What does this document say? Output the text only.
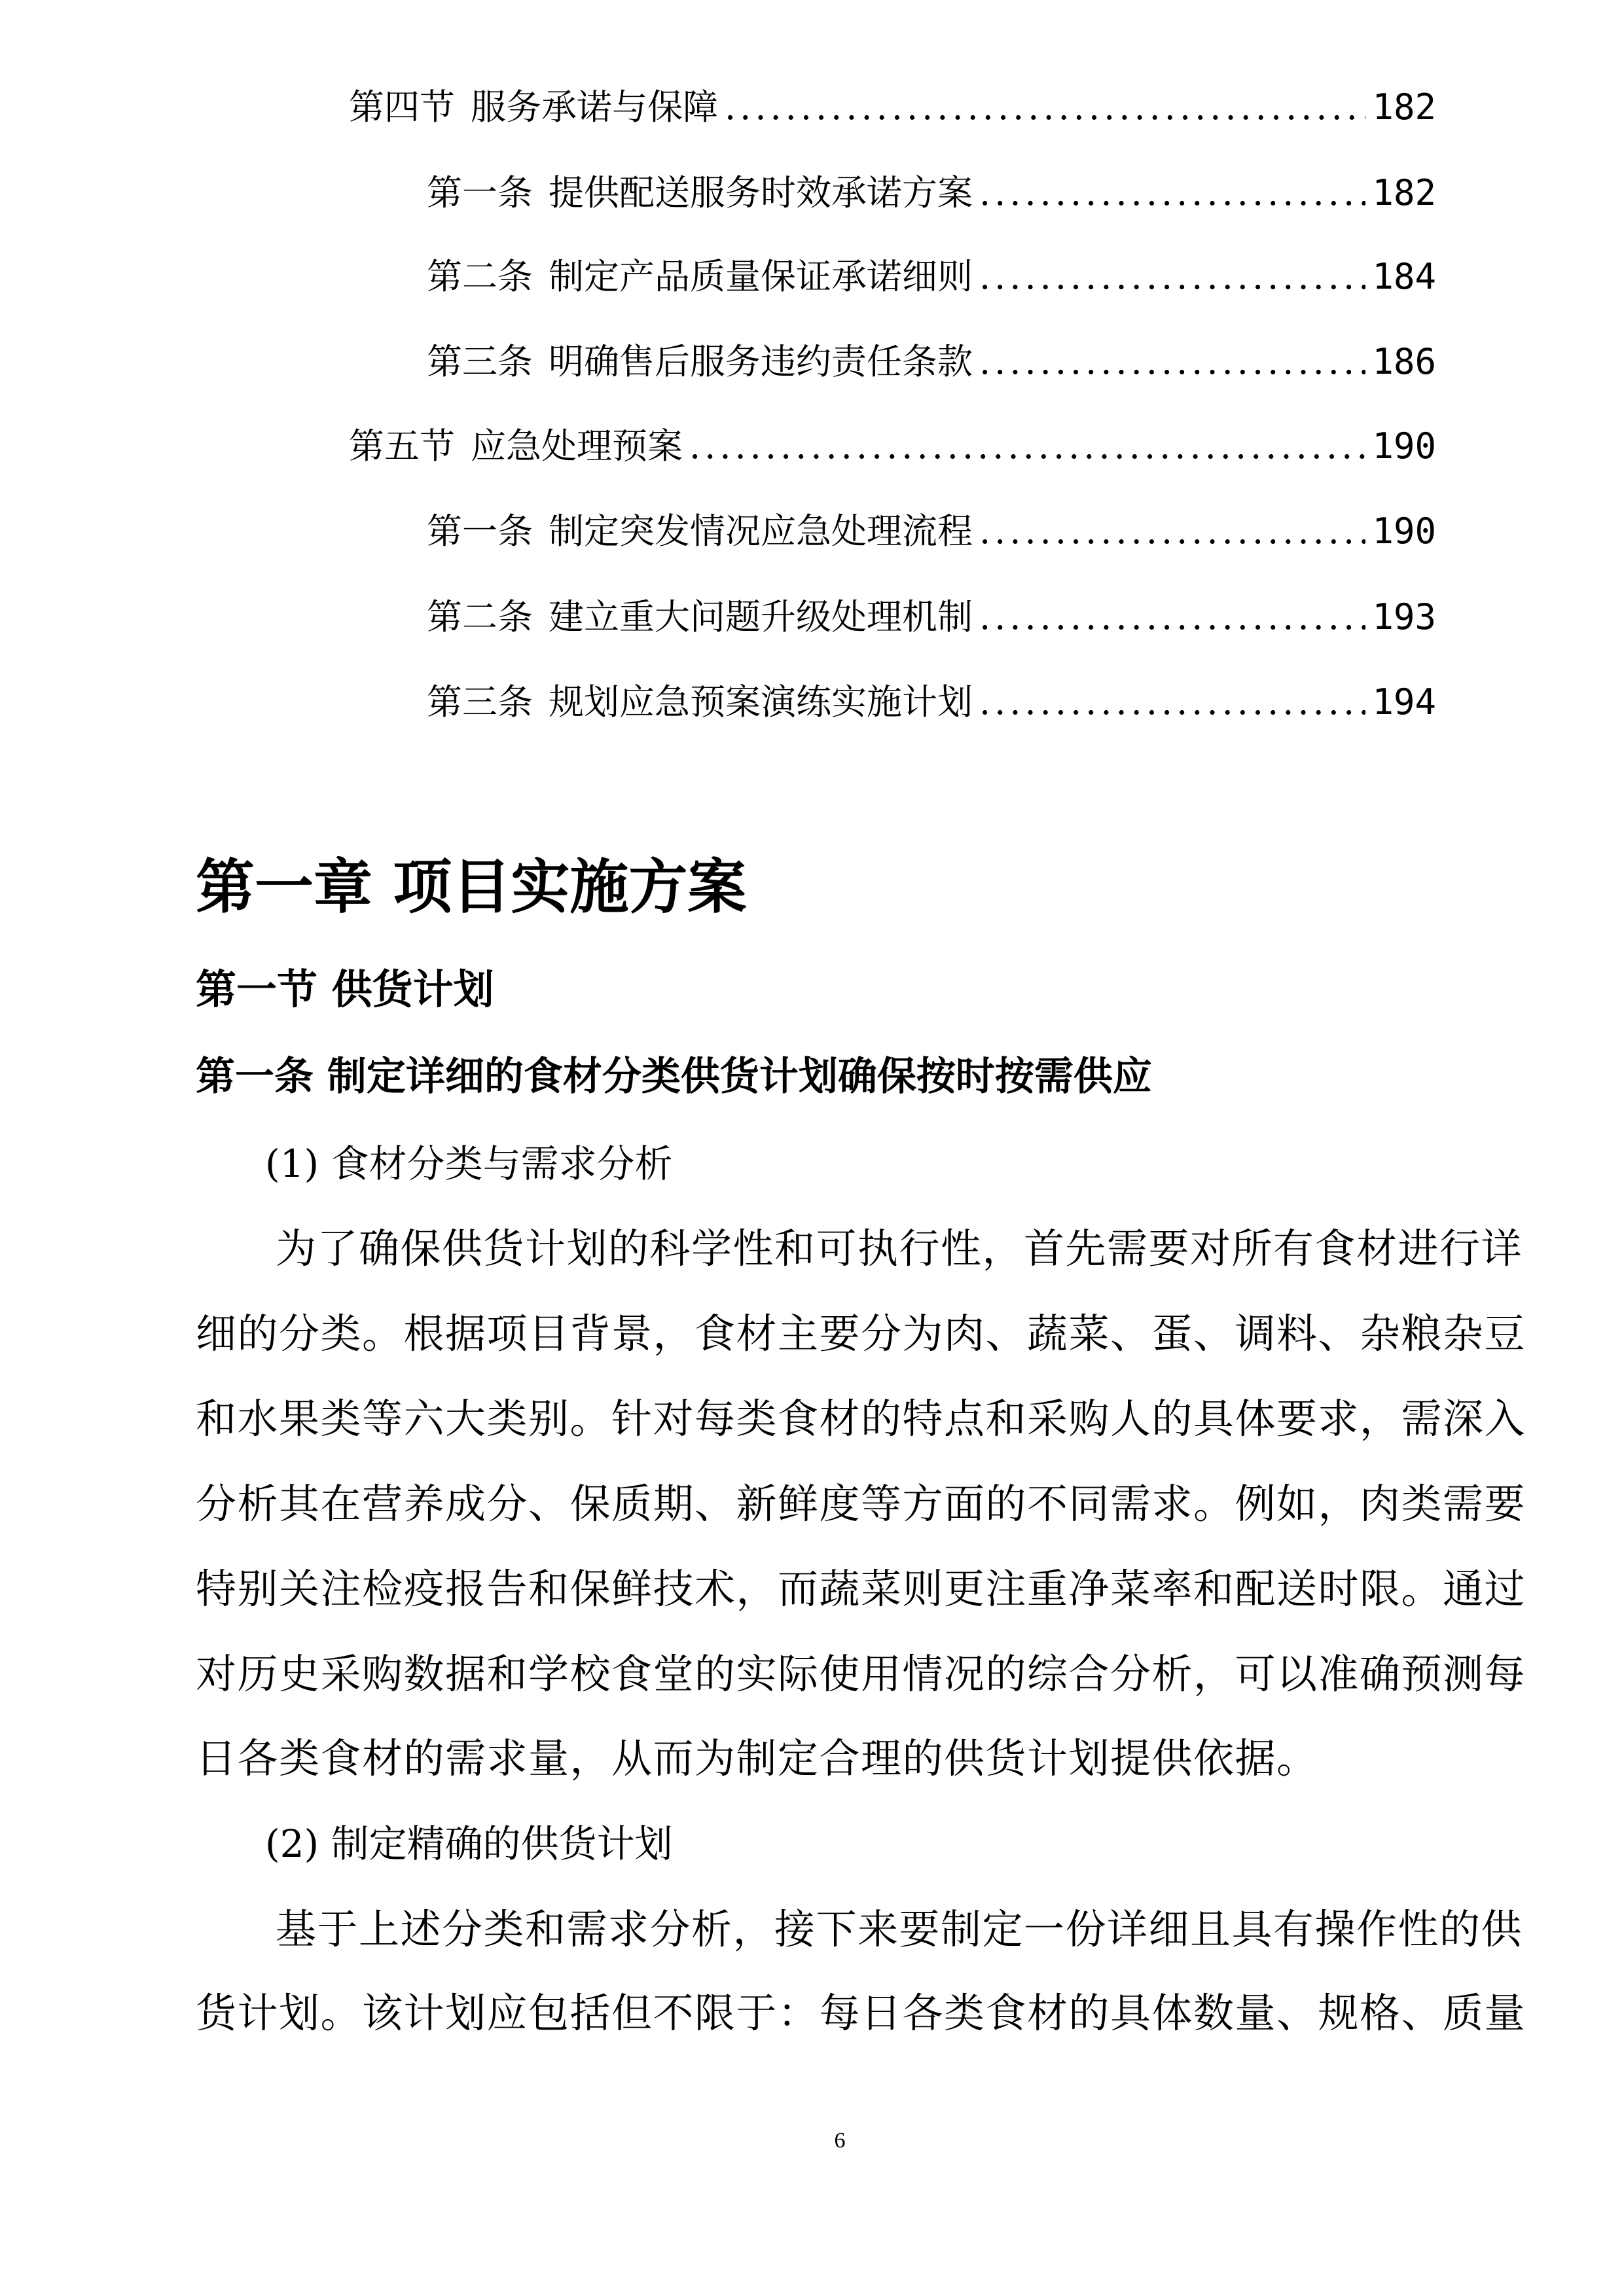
第四节 服务承诺与保障 .....	182
第一条 提供配送服务时效承诺方案 .....	182
第二条 制定产品质量保证承诺细则 .....	184
第三条 明确售后服务违约责任条款 .....	186
第五节 应急处理预案 .....	190
第一条 制定突发情况应急处理流程 .....	190
第二条 建立重大问题升级处理机制 .....	193
第三条 规划应急预案演练实施计划 .....	194
第一章 项目实施方案
第一节 供货计划
第一条 制定详细的食材分类供货计划确保按时按需供应
(1) 食材分类与需求分析
为了确保供货计划的科学性和可执行性，首先需要对所有食材进行详
细的分类。根据项目背景，食材主要分为肉、蔬菜、蛋、调料、杂粮杂豆
和水果类等六大类别。针对每类食材的特点和采购人的具体要求，需深入
分析其在营养成分、保质期、新鲜度等方面的不同需求。例如，肉类需要
特别关注检疫报告和保鲜技术，而蔬菜则更注重净菜率和配送时限。通过
对历史采购数据和学校食堂的实际使用情况的综合分析，可以准确预测每
日各类食材的需求量，从而为制定合理的供货计划提供依据。
(2) 制定精确的供货计划
基于上述分类和需求分析，接下来要制定一份详细且具有操作性的供
货计划。该计划应包括但不限于：每日各类食材的具体数量、规格、质量
6
